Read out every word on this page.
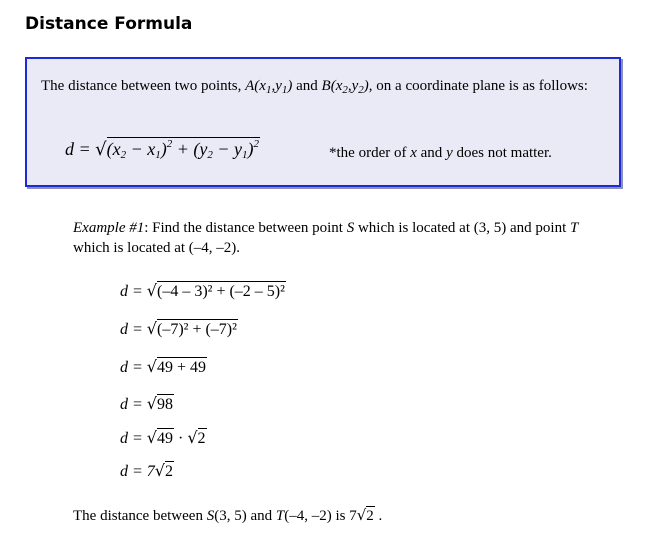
Distance Formula
The distance between two points, $A(x_1,y_1)$ and $B(x_2,y_2)$, on a coordinate plane is as follows:
$d = √(x_2 - x_1)^2 + (y_2 - y_1)^2$
*the order of x and y does not matter.
Example #1: Find the distance between point S which is located at (3, 5) and point T which is located at (–4, –2).
d = √(–4 – 3)² + (–2 – 5)²
d = √(–7)² + (–7)²
d = √49 + 49
d = √98
d = √49 · √2
d = 7√2
The distance between S(3, 5) and T(–4, –2) is 7√2 .
